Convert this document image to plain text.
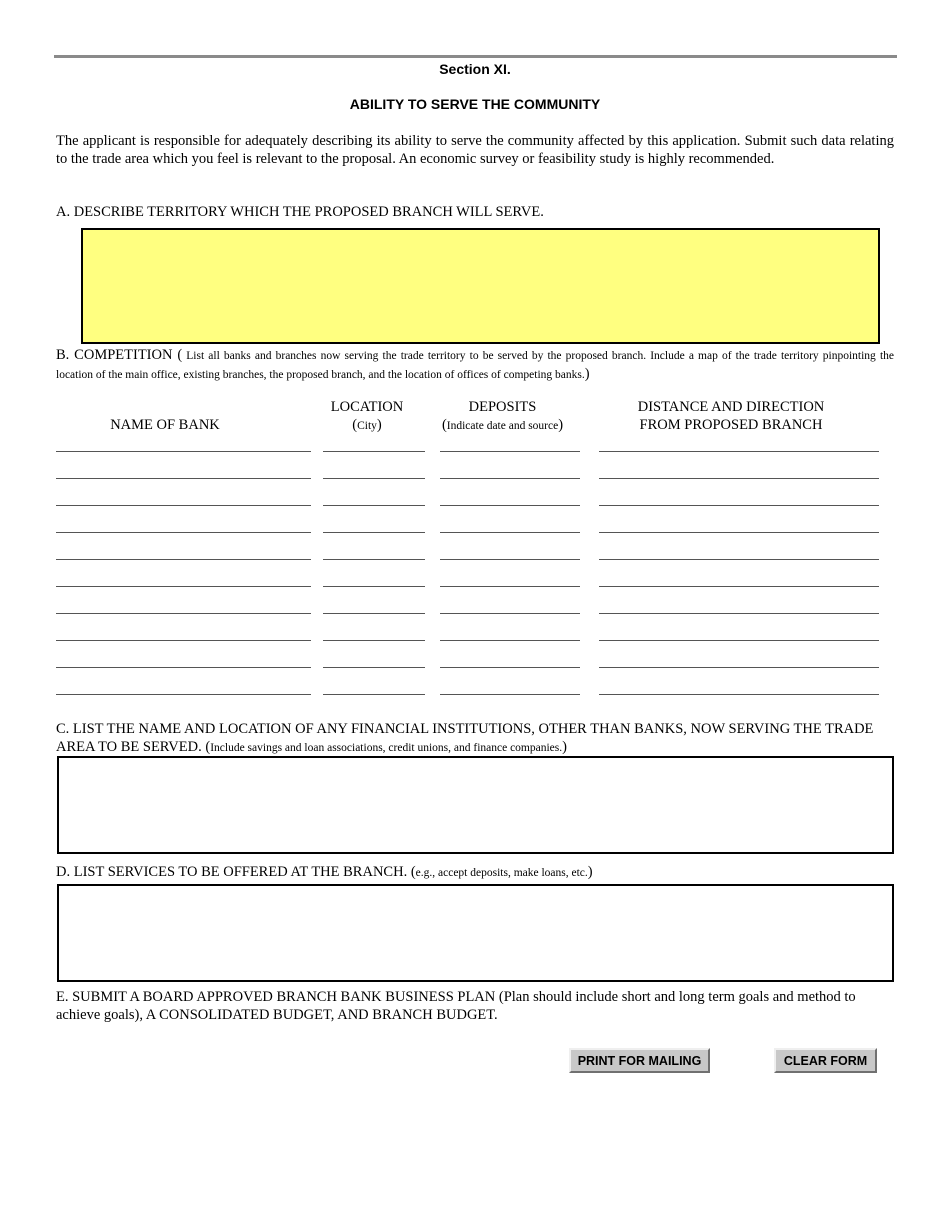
Section XI.
ABILITY TO SERVE THE COMMUNITY
The applicant is responsible for adequately describing its ability to serve the community affected by this application. Submit such data relating to the trade area which you feel is relevant to the proposal. An economic survey or feasibility study is highly recommended.
A. DESCRIBE TERRITORY WHICH THE PROPOSED BRANCH WILL SERVE.
B. COMPETITION ( List all banks and branches now serving the trade territory to be served by the proposed branch. Include a map of the trade territory pinpointing the location of the main office, existing branches, the proposed branch, and the location of offices of competing banks.)
NAME OF BANK
LOCATION
(City)
DEPOSITS
(Indicate date and source)
DISTANCE AND DIRECTION
FROM PROPOSED BRANCH
C. LIST THE NAME AND LOCATION OF ANY FINANCIAL INSTITUTIONS, OTHER THAN BANKS, NOW SERVING THE TRADE AREA TO BE SERVED. (Include savings and loan associations, credit unions, and finance companies.)
D. LIST SERVICES TO BE OFFERED AT THE BRANCH. (e.g., accept deposits, make loans, etc.)
E. SUBMIT A BOARD APPROVED BRANCH BANK BUSINESS PLAN (Plan should include short and long term goals and method to achieve goals), A CONSOLIDATED BUDGET, AND BRANCH BUDGET.
PRINT FOR MAILING	CLEAR FORM
